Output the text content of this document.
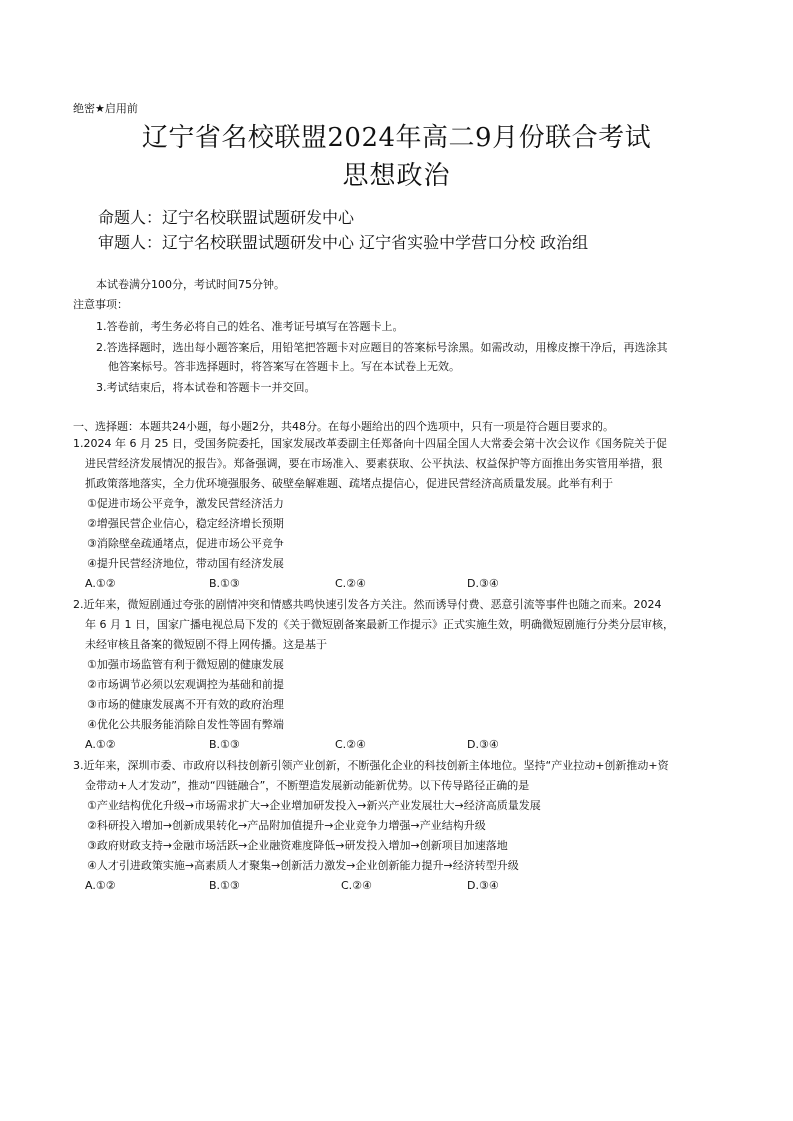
绝密★启用前
辽宁省名校联盟2024年高二9月份联合考试
思想政治
命题人：辽宁名校联盟试题研发中心
审题人：辽宁名校联盟试题研发中心 辽宁省实验中学营口分校 政治组
本试卷满分100分，考试时间75分钟。
注意事项：
1.答卷前，考生务必将自己的姓名、准考证号填写在答题卡上。
2.答选择题时，选出每小题答案后，用铅笔把答题卡对应题目的答案标号涂黑。如需改动，用橡皮擦干净后，再选涂其
他答案标号。答非选择题时，将答案写在答题卡上。写在本试卷上无效。
3.考试结束后，将本试卷和答题卡一并交回。
一、选择题：本题共24小题，每小题2分，共48分。在每小题给出的四个选项中，只有一项是符合题目要求的。
1.2024 年 6 月 25 日，受国务院委托，国家发展改革委副主任郑备向十四届全国人大常委会第十次会议作《国务院关于促
进民营经济发展情况的报告》。郑备强调，要在市场准入、要素获取、公平执法、权益保护等方面推出务实管用举措，狠
抓政策落地落实，全力优环境强服务、破壁垒解难题、疏堵点提信心，促进民营经济高质量发展。此举有利于
①促进市场公平竞争，激发民营经济活力
②增强民营企业信心，稳定经济增长预期
③消除壁垒疏通堵点，促进市场公平竞争
④提升民营经济地位，带动国有经济发展
A.①②	B.①③	C.②④	D.③④
2.近年来，微短剧通过夸张的剧情冲突和情感共鸣快速引发各方关注。然而诱导付费、恶意引流等事件也随之而来。2024
年 6 月 1 日，国家广播电视总局下发的《关于微短剧备案最新工作提示》正式实施生效，明确微短剧施行分类分层审核，
未经审核且备案的微短剧不得上网传播。这是基于
①加强市场监管有利于微短剧的健康发展
②市场调节必须以宏观调控为基础和前提
③市场的健康发展离不开有效的政府治理
④优化公共服务能消除自发性等固有弊端
A.①②	B.①③	C.②④	D.③④
3.近年来，深圳市委、市政府以科技创新引领产业创新，不断强化企业的科技创新主体地位。坚持“产业拉动+创新推动+资
金带动+人才发动”，推动“四链融合”，不断塑造发展新动能新优势。以下传导路径正确的是
①产业结构优化升级→市场需求扩大→企业增加研发投入→新兴产业发展壮大→经济高质量发展
②科研投入增加→创新成果转化→产品附加值提升→企业竞争力增强→产业结构升级
③政府财政支持→金融市场活跃→企业融资难度降低→研发投入增加→创新项目加速落地
④人才引进政策实施→高素质人才聚集→创新活力激发→企业创新能力提升→经济转型升级
A.①②	B.①③	C.②④	D.③④
